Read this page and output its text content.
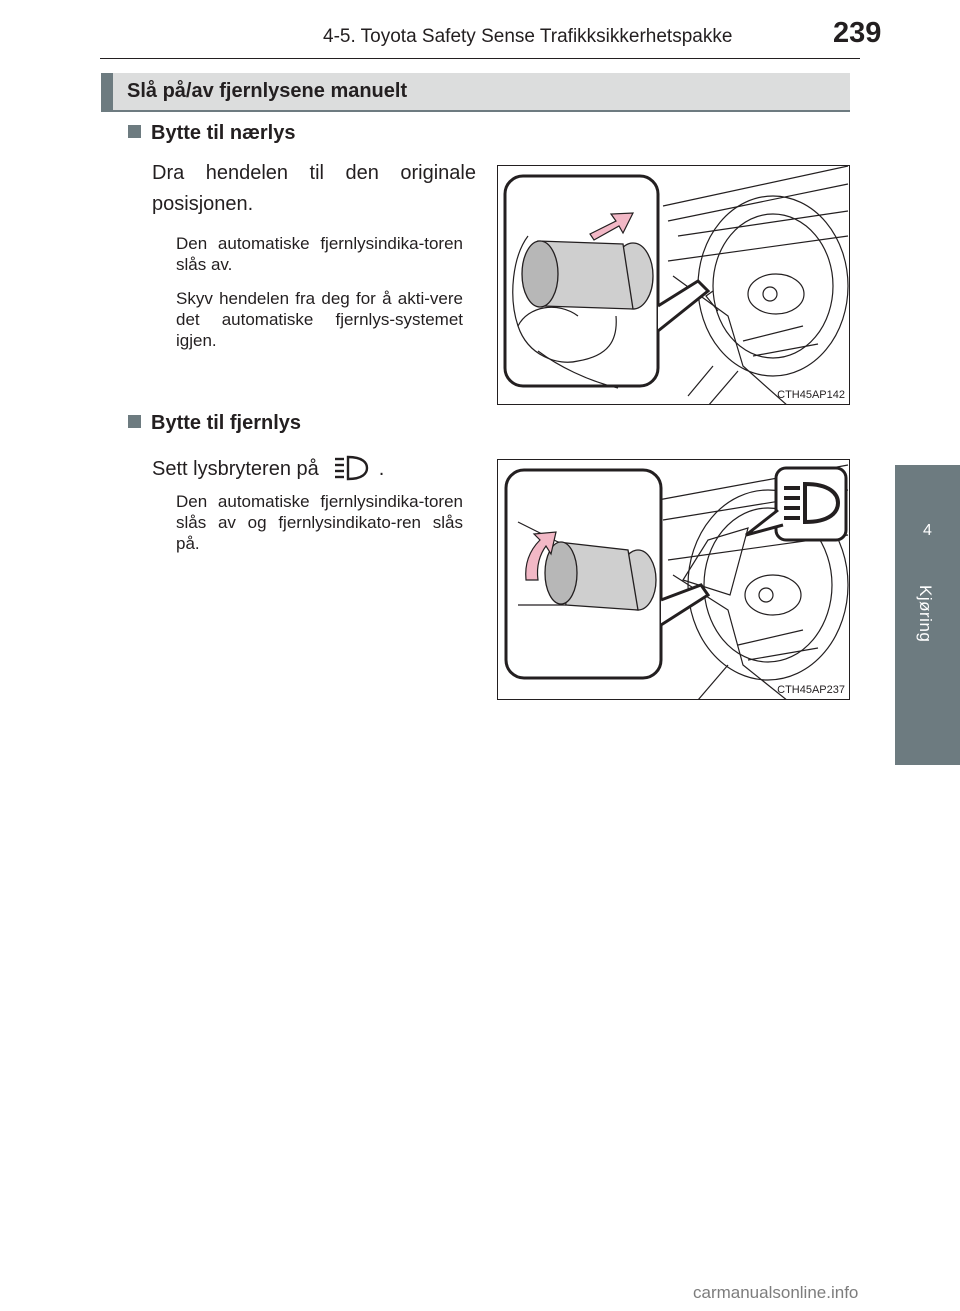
4-5. Toyota Safety Sense Trafikksikkerhetspakke	239
4
Kjøring
Slå på/av fjernlysene manuelt
Bytte til nærlys
Dra hendelen til den originale posisjonen.
Den automatiske fjernlysindika-toren slås av.
Skyv hendelen fra deg for å akti-vere det automatiske fjernlys-systemet igjen.
CTH45AP142
Bytte til fjernlys
Sett lysbryteren på	.
Den automatiske fjernlysindika-toren slås av og fjernlysindikato-ren slås på.
CTH45AP237
carmanualsonline.info
